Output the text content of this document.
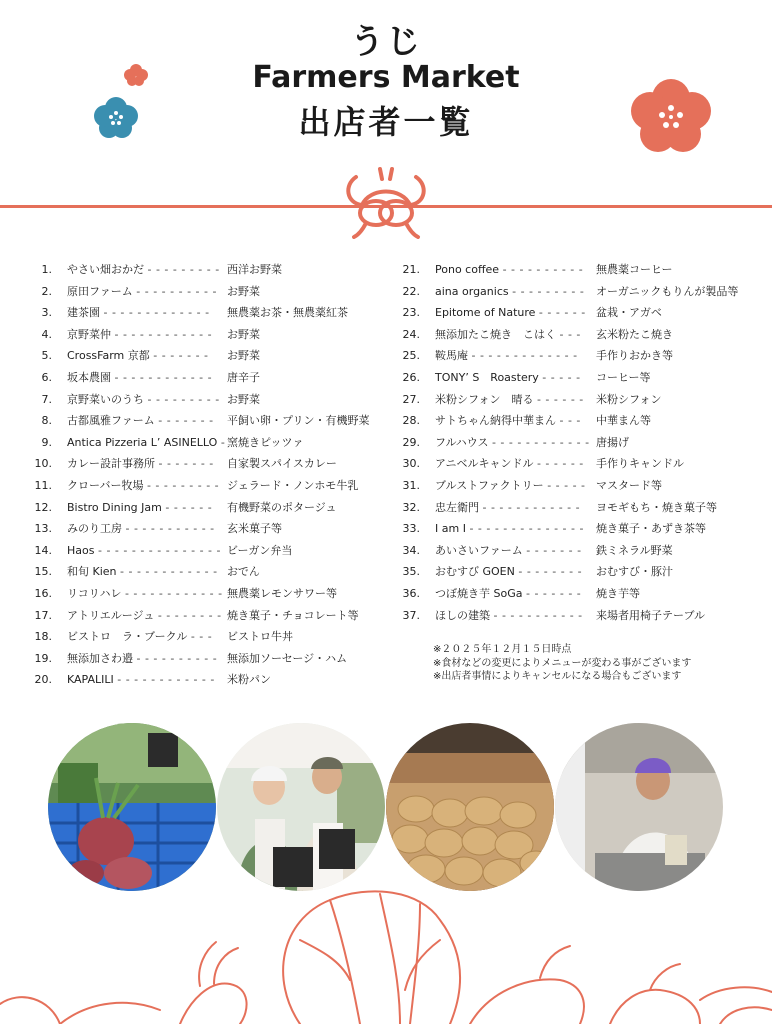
うじ
Farmers Market
出店者一覧
1. やさい畑おかだ - - - - - - - - - 西洋お野菜
2. 原田ファーム - - - - - - - - - - お野菜
3. 建茶園 - - - - - - - - - - - - - 無農薬お茶・無農薬紅茶
4. 京野菜仲 - - - - - - - - - - - - お野菜
5. CrossFarm 京都 - - - - - - - お野菜
6. 坂本農園 - - - - - - - - - - - - 唐辛子
7. 京野菜いのうち - - - - - - - - - お野菜
8. 古都風雅ファーム - - - - - - - 平飼い卵・プリン・有機野菜
9. Antica Pizzeria L’ ASINELLO - 窯焼きピッツァ
10. カレー設計事務所 - - - - - - - 自家製スパイスカレー
11. クローバー牧場 - - - - - - - - - ジェラード・ノンホモ牛乳
12. Bistro Dining Jam - - - - - - 有機野菜のポタージュ
13. みのり工房 - - - - - - - - - - - 玄米菓子等
14. Haos - - - - - - - - - - - - - - - ビーガン弁当
15. 和旬 Kien - - - - - - - - - - - - おでん
16. リコリハレ - - - - - - - - - - - - 無農薬レモンサワー等
17. アトリエルージュ - - - - - - - - 焼き菓子・チョコレート等
18. ビストロ　ラ・ブークル - - - ビストロ牛丼
19. 無添加さわ邉 - - - - - - - - - - 無添加ソーセージ・ハム
20. KAPALILI - - - - - - - - - - - - 米粉パン
21. Pono coffee - - - - - - - - - - 無農薬コーヒー
22. aina organics - - - - - - - - - オーガニックもりんが製品等
23. Epitome of Nature - - - - - - 盆栽・アガベ
24. 無添加たこ焼き　こはく - - - 玄米粉たこ焼き
25. 鞍馬庵 - - - - - - - - - - - - - 手作りおかき等
26. TONY’ S　Roastery - - - - - コーヒー等
27. 米粉シフォン　晴る - - - - - - 米粉シフォン
28. サトちゃん納得中華まん - - - 中華まん等
29. フルハウス - - - - - - - - - - - - 唐揚げ
30. アニベルキャンドル - - - - - - 手作りキャンドル
31. ブルストファクトリー - - - - - マスタード等
32. 忠左衛門 - - - - - - - - - - - - ヨモギもち・焼き菓子等
33. I am I - - - - - - - - - - - - - - 焼き菓子・あずき茶等
34. あいさいファーム - - - - - - - 鉄ミネラル野菜
35. おむすび GOEN - - - - - - - - おむすび・豚汁
36. つぼ焼き芋 SoGa - - - - - - - 焼き芋等
37. ほしの建築 - - - - - - - - - - - 来場者用椅子テーブル
※２０２５年１２月１５日時点
※食材などの変更によりメニューが変わる事がございます
※出店者事情によりキャンセルになる場合もございます
